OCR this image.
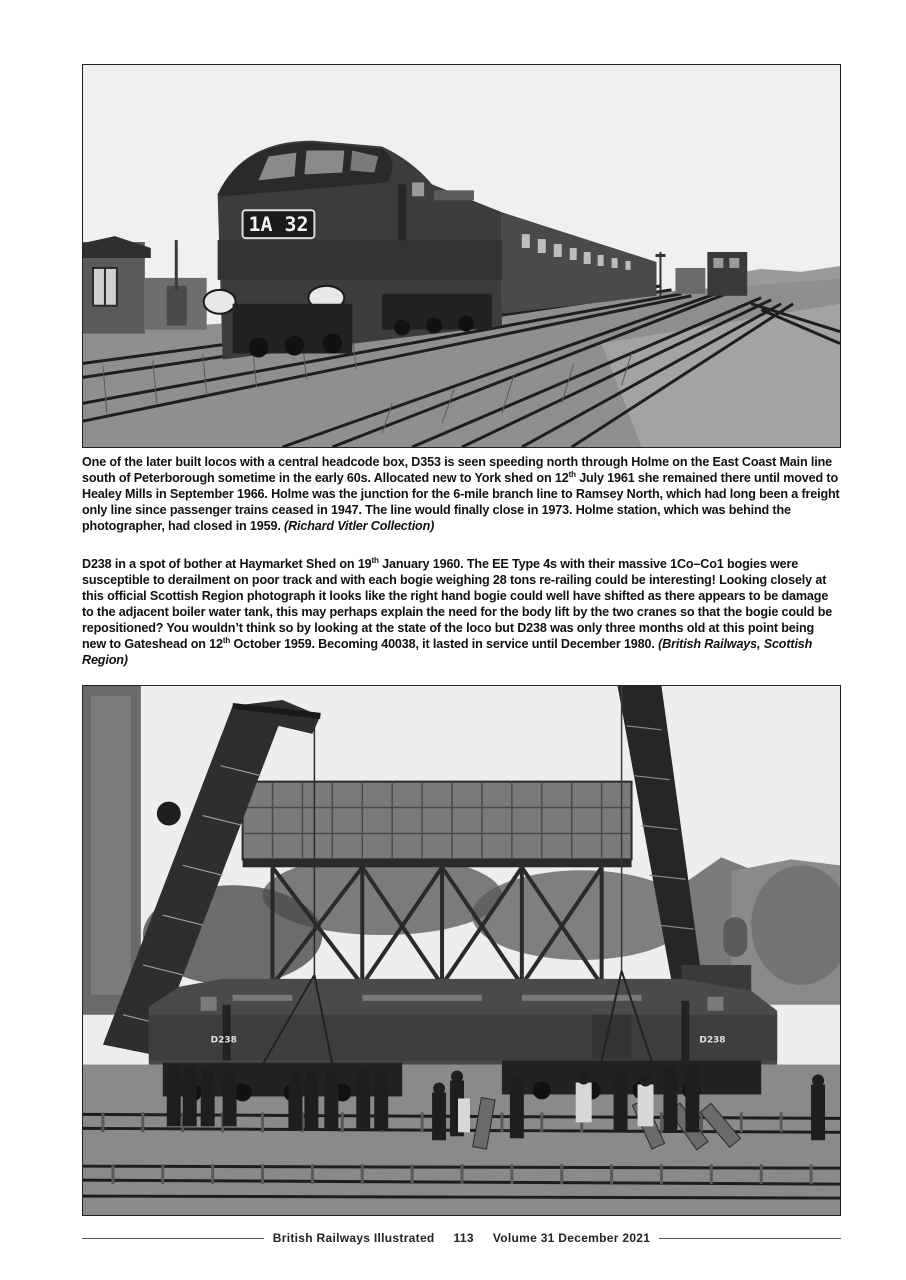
1A 32

One of the later built locos with a central headcode box, D353 is seen speeding north through Holme on the East Coast Main line south of Peterborough sometime in the early 60s. Allocated new to York shed on 12th July 1961 she remained there until moved to Healey Mills in September 1966. Holme was the junction for the 6-mile branch line to Ramsey North, which had long been a freight only line since passenger trains ceased in 1947. The line would finally close in 1973. Holme station, which was behind the photographer, had closed in 1959. (Richard Vitler Collection)

D238 in a spot of bother at Haymarket Shed on 19th January 1960. The EE Type 4s with their massive 1Co–Co1 bogies were susceptible to derailment on poor track and with each bogie weighing 28 tons re-railing could be interesting! Looking closely at this official Scottish Region photograph it looks like the right hand bogie could well have shifted as there appears to be damage to the adjacent boiler water tank, this may perhaps explain the need for the body lift by the two cranes so that the bogie could be repositioned? You wouldn’t think so by looking at the state of the loco but D238 was only three months old at this point being new to Gateshead on 12th October 1959. Becoming 40038, it lasted in service until December 1980. (British Railways, Scottish Region)

D238	D238
British Railways Illustrated	113	Volume 31 December 2021
